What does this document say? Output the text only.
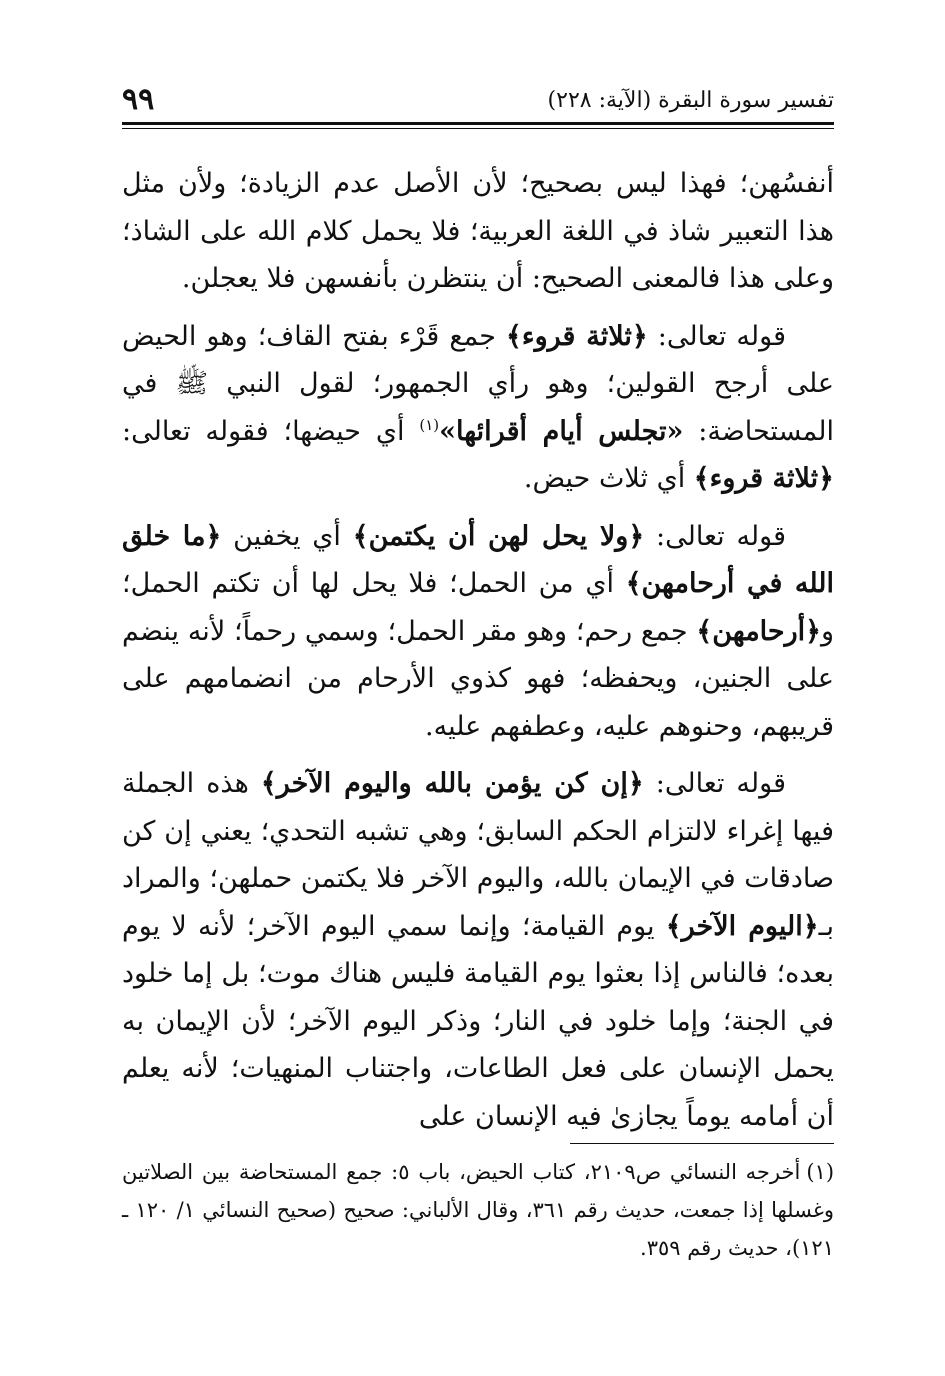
تفسير سورة البقرة (الآية: ٢٢٨)
٩٩

أنفسُهن؛ فهذا ليس بصحيح؛ لأن الأصل عدم الزيادة؛ ولأن مثل هذا التعبير شاذ في اللغة العربية؛ فلا يحمل كلام الله على الشاذ؛ وعلى هذا فالمعنى الصحيح: أن ينتظرن بأنفسهن فلا يعجلن.

قوله تعالى: ﴿ثلاثة قروء﴾ جمع قَرْء بفتح القاف؛ وهو الحيض على أرجح القولين؛ وهو رأي الجمهور؛ لقول النبي ﷺ في المستحاضة: «تجلس أيام أقرائها»$^{(١)}$ أي حيضها؛ فقوله تعالى: ﴿ثلاثة قروء﴾ أي ثلاث حيض.

قوله تعالى: ﴿ولا يحل لهن أن يكتمن﴾ أي يخفين ﴿ما خلق الله في أرحامهن﴾ أي من الحمل؛ فلا يحل لها أن تكتم الحمل؛ و﴿أرحامهن﴾ جمع رحم؛ وهو مقر الحمل؛ وسمي رحماً؛ لأنه ينضم على الجنين، ويحفظه؛ فهو كذوي الأرحام من انضمامهم على قريبهم، وحنوهم عليه، وعطفهم عليه.

قوله تعالى: ﴿إن كن يؤمن بالله واليوم الآخر﴾ هذه الجملة فيها إغراء لالتزام الحكم السابق؛ وهي تشبه التحدي؛ يعني إن كن صادقات في الإيمان بالله، واليوم الآخر فلا يكتمن حملهن؛ والمراد بـ﴿اليوم الآخر﴾ يوم القيامة؛ وإنما سمي اليوم الآخر؛ لأنه لا يوم بعده؛ فالناس إذا بعثوا يوم القيامة فليس هناك موت؛ بل إما خلود في الجنة؛ وإما خلود في النار؛ وذكر اليوم الآخر؛ لأن الإيمان به يحمل الإنسان على فعل الطاعات، واجتناب المنهيات؛ لأنه يعلم أن أمامه يوماً يجازىٰ فيه الإنسان على

(١)أخرجه النسائي ص٢١٠٩، كتاب الحيض، باب ٥: جمع المستحاضة بين الصلاتين وغسلها إذا جمعت، حديث رقم ٣٦١، وقال الألباني: صحيح (صحيح النسائي ١/ ١٢٠ ـ ١٢١)، حديث رقم ٣٥٩.
